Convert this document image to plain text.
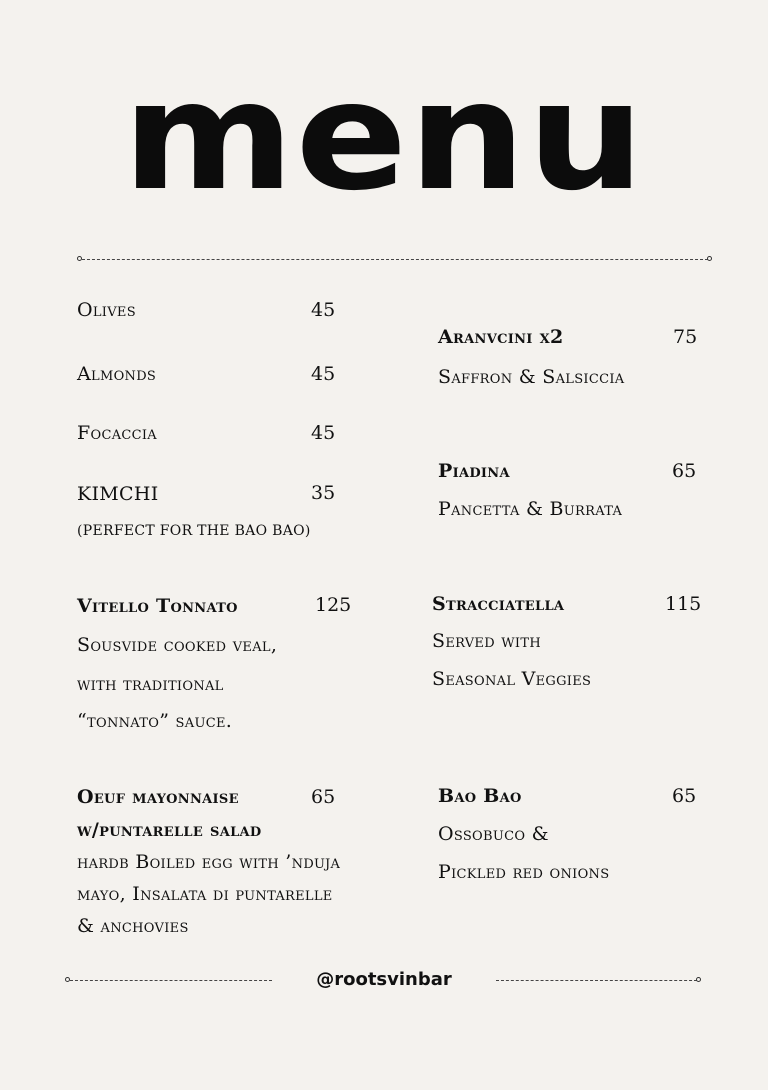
menu
Olives	45
Almonds	45
Focaccia	45
KIMCHI	35
(PERFECT FOR THE BAO BAO)
Aranvcini x2	75
Saffron & Salsiccia
Piadina	65
Pancetta & Burrata
Vitello Tonnato	125
Sousvide cooked veal,
with traditional
“tonnato” sauce.
Stracciatella	115
Served with
Seasonal Veggies
Oeuf mayonnaise	65
w/puntarelle salad
hardb Boiled egg with ’nduja
mayo, Insalata di puntarelle
& anchovies
Bao Bao	65
Ossobuco &
Pickled red onions
@rootsvinbar
